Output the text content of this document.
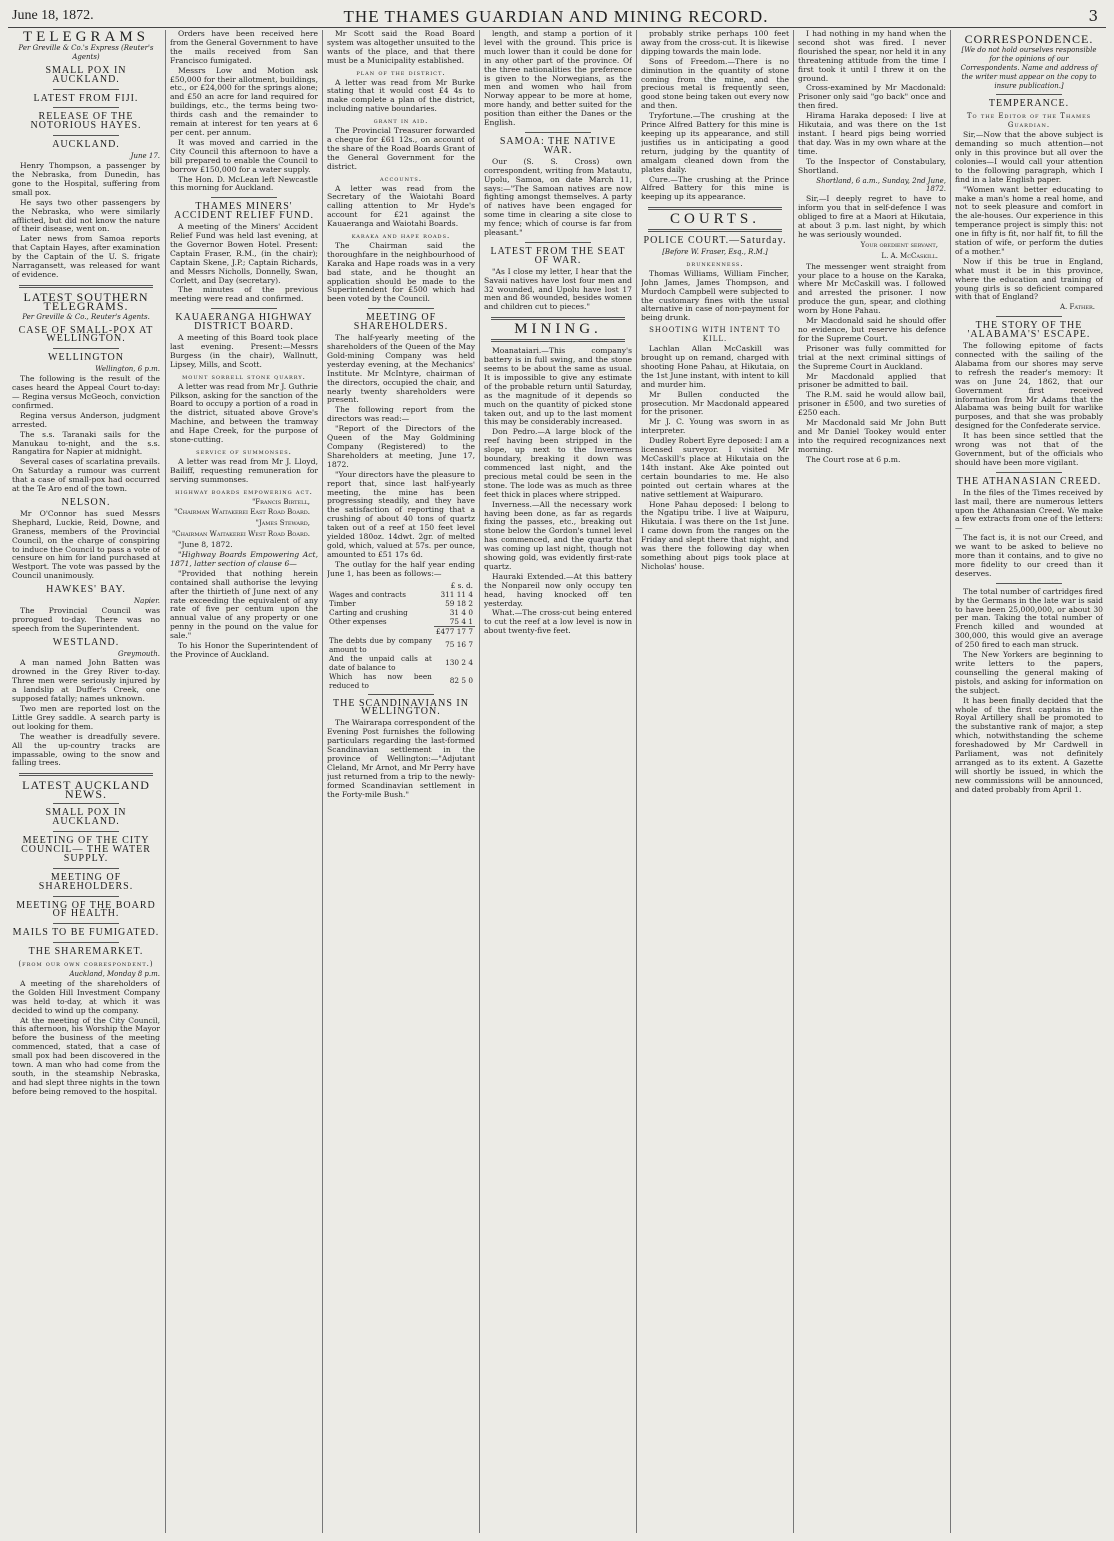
June 18, 1872.	THE THAMES GUARDIAN AND MINING RECORD.	3
TELEGRAMS
Per Greville & Co.'s Express (Reuter's Agents)
SMALL POX IN AUCKLAND.
LATEST FROM FIJI.
RELEASE OF THE NOTORIOUS HAYES.
AUCKLAND.
June 17.

Henry Thompson, a passenger by the Nebraska, from Dunedin, has gone to the Hospital, suffering from small pox.

He says two other passengers by the Nebraska, who were similarly afflicted, but did not know the nature of their disease, went on.

Later news from Samoa reports that Captain Hayes, after examination by the Captain of the U. S. frigate Narragansett, was released for want of evidence.

LATEST SOUTHERN TELEGRAMS.
Per Greville & Co., Reuter's Agents.
CASE OF SMALL-POX AT WELLINGTON.
WELLINGTON
Wellington, 6 p.m.

The following is the result of the cases heard the Appeal Court to-day:— Regina versus McGeoch, conviction confirmed.

Regina versus Anderson, judgment arrested.

The s.s. Taranaki sails for the Manukau to-night, and the s.s. Rangatira for Napier at midnight.

Several cases of scarlatina prevails. On Saturday a rumour was current that a case of small-pox had occurred at the Te Aro end of the town.

NELSON.

Mr O'Connor has sued Messrs Shephard, Luckie, Reid, Downe, and Graness, members of the Provincial Council, on the charge of conspiring to induce the Council to pass a vote of censure on him for land purchased at Westport. The vote was passed by the Council unanimously.

HAWKES' BAY.
Napier.

The Provincial Council was prorogued to-day. There was no speech from the Superintendent.

WESTLAND.
Greymouth.

A man named John Batten was drowned in the Grey River to-day. Three men were seriously injured by a landslip at Duffer's Creek, one supposed fatally; names unknown.

Two men are reported lost on the Little Grey saddle. A search party is out looking for them.

The weather is dreadfully severe. All the up-country tracks are impassable, owing to the snow and falling trees.

LATEST AUCKLAND NEWS.
SMALL POX IN AUCKLAND.
MEETING OF THE CITY COUNCIL— THE WATER SUPPLY.
MEETING OF SHAREHOLDERS.
MEETING OF THE BOARD OF HEALTH.
MAILS TO BE FUMIGATED.
THE SHAREMARKET.
(from our own correspondent.)
Auckland, Monday 8 p.m.

A meeting of the shareholders of the Golden Hill Investment Company was held to-day, at which it was decided to wind up the company.

At the meeting of the City Council, this afternoon, his Worship the Mayor before the business of the meeting commenced, stated, that a case of small pox had been discovered in the town. A man who had come from the south, in the steamship Nebraska, and had slept three nights in the town before being removed to the hospital.

Orders have been received here from the General Government to have the mails received from San Francisco fumigated.

Messrs Low and Motion ask £50,000 for their allotment, buildings, etc., or £24,000 for the springs alone; and £50 an acre for land required for buildings, etc., the terms being two-thirds cash and the remainder to remain at interest for ten years at 6 per cent. per annum.

It was moved and carried in the City Council this afternoon to have a bill prepared to enable the Council to borrow £150,000 for a water supply.

The Hon. D. McLean left Newcastle this morning for Auckland.

THAMES MINERS' ACCIDENT RELIEF FUND.

A meeting of the Miners' Accident Relief Fund was held last evening, at the Governor Bowen Hotel. Present: Captain Fraser, R.M., (in the chair); Captain Skene, J.P.; Captain Richards, and Messrs Nicholls, Donnelly, Swan, Corlett, and Day (secretary).

The minutes of the previous meeting were read and confirmed.

KAUAERANGA HIGHWAY DISTRICT BOARD.

A meeting of this Board took place last evening. Present:—Messrs Burgess (in the chair), Wallnutt, Lipsey, Mills, and Scott.

mount sorrell stone quarry.

A letter was read from Mr J. Guthrie Pilkson, asking for the sanction of the Board to occupy a portion of a road in the district, situated above Grove's Machine, and between the tramway and Hape Creek, for the purpose of stone-cutting.

service of summonses.

A letter was read from Mr J. Lloyd, Bailiff, requesting remuneration for serving summonses.

highway boards empowering act.
"Francis Birtell,
"Chairman Waitakerei East Road Board.
"James Steward,
"Chairman Waitakerei West Road Board.

"June 8, 1872.

"Highway Boards Empowering Act, 1871, latter section of clause 6—

"Provided that nothing herein contained shall authorise the levying after the thirtieth of June next of any rate exceeding the equivalent of any rate of five per centum upon the annual value of any property or one penny in the pound on the value for sale."

To his Honor the Superintendent of the Province of Auckland.

Mr Scott said the Road Board system was altogether unsuited to the wants of the place, and that there must be a Municipality established.

plan of the district.

A letter was read from Mr Burke stating that it would cost £4 4s to make complete a plan of the district, including native boundaries.

grant in aid.

The Provincial Treasurer forwarded a cheque for £61 12s., on account of the share of the Road Boards Grant of the General Government for the district.

accounts.

A letter was read from the Secretary of the Waiotahi Board calling attention to Mr Hyde's account for £21 against the Kauaeranga and Waiotahi Boards.

karaka and hape roads.

The Chairman said the thoroughfare in the neighbourhood of Karaka and Hape roads was in a very bad state, and he thought an application should be made to the Superintendent for £500 which had been voted by the Council.

MEETING OF SHAREHOLDERS.

The half-yearly meeting of the shareholders of the Queen of the May Gold-mining Company was held yesterday evening, at the Mechanics' Institute. Mr McIntyre, chairman of the directors, occupied the chair, and nearly twenty shareholders were present.

The following report from the directors was read:—

"Report of the Directors of the Queen of the May Goldmining Company (Registered) to the Shareholders at meeting, June 17, 1872.

"Your directors have the pleasure to report that, since last half-yearly meeting, the mine has been progressing steadily, and they have the satisfaction of reporting that a crushing of about 40 tons of quartz taken out of a reef at 150 feet level yielded 180oz. 14dwt. 2gr. of melted gold, which, valued at 57s. per ounce, amounted to £51 17s 6d.

The outlay for the half year ending June 1, has been as follows:—

	£ s. d.
Wages and contracts	311 11 4
Timber	59 18 2
Carting and crushing	31 4 0
Other expenses	75 4 1
	£477 17 7
The debts due by company amount to	75 16 7
And the unpaid calls at date of balance to	130 2 4
Which has now been reduced to	82 5 0
THE SCANDINAVIANS IN WELLINGTON.

The Wairarapa correspondent of the Evening Post furnishes the following particulars regarding the last-formed Scandinavian settlement in the province of Wellington:—"Adjutant Cleland, Mr Arnot, and Mr Perry have just returned from a trip to the newly-formed Scandinavian settlement in the Forty-mile Bush."

length, and stamp a portion of it level with the ground. This price is much lower than it could be done for in any other part of the province. Of the three nationalities the preference is given to the Norwegians, as the men and women who hail from Norway appear to be more at home, more handy, and better suited for the position than either the Danes or the English.

SAMOA: THE NATIVE WAR.

Our (S. S. Cross) own correspondent, writing from Matautu, Upolu, Samoa, on date March 11, says:—"The Samoan natives are now fighting amongst themselves. A party of natives have been engaged for some time in clearing a site close to my fence; which of course is far from pleasant."

LATEST FROM THE SEAT OF WAR.

"As I close my letter, I hear that the Savaii natives have lost four men and 32 wounded, and Upolu have lost 17 men and 86 wounded, besides women and children cut to pieces."

MINING.

Moanataiari.—This company's battery is in full swing, and the stone seems to be about the same as usual. It is impossible to give any estimate of the probable return until Saturday, as the magnitude of it depends so much on the quantity of picked stone taken out, and up to the last moment this may be considerably increased.

Don Pedro.—A large block of the reef having been stripped in the slope, up next to the Inverness boundary, breaking it down was commenced last night, and the precious metal could be seen in the stone. The lode was as much as three feet thick in places where stripped.

Inverness.—All the necessary work having been done, as far as regards fixing the passes, etc., breaking out stone below the Gordon's tunnel level has commenced, and the quartz that was coming up last night, though not showing gold, was evidently first-rate quartz.

Hauraki Extended.—At this battery the Nonpareil now only occupy ten head, having knocked off ten yesterday.

What.—The cross-cut being entered to cut the reef at a low level is now in about twenty-five feet.

probably strike perhaps 100 feet away from the cross-cut. It is likewise dipping towards the main lode.

Sons of Freedom.—There is no diminution in the quantity of stone coming from the mine, and the precious metal is frequently seen, good stone being taken out every now and then.

Tryfortune.—The crushing at the Prince Alfred Battery for this mine is keeping up its appearance, and still justifies us in anticipating a good return, judging by the quantity of amalgam cleaned down from the plates daily.

Cure.—The crushing at the Prince Alfred Battery for this mine is keeping up its appearance.

COURTS.
POLICE COURT.—Saturday.
[Before W. Fraser, Esq., R.M.]
drunkenness.

Thomas Williams, William Fincher, John James, James Thompson, and Murdoch Campbell were subjected to the customary fines with the usual alternative in case of non-payment for being drunk.

SHOOTING WITH INTENT TO KILL.

Lachlan Allan McCaskill was brought up on remand, charged with shooting Hone Pahau, at Hikutaia, on the 1st June instant, with intent to kill and murder him.

Mr Bullen conducted the prosecution. Mr Macdonald appeared for the prisoner.

Mr J. C. Young was sworn in as interpreter.

Dudley Robert Eyre deposed: I am a licensed surveyor. I visited Mr McCaskill's place at Hikutaia on the 14th instant. Ake Ake pointed out certain boundaries to me. He also pointed out certain whares at the native settlement at Waipuraro.

Hone Pahau deposed: I belong to the Ngatipu tribe. I live at Waipuru, Hikutaia. I was there on the 1st June. I came down from the ranges on the Friday and slept there that night, and was there the following day when something about pigs took place at Nicholas' house.

I had nothing in my hand when the second shot was fired. I never flourished the spear, nor held it in any threatening attitude from the time I first took it until I threw it on the ground.

Cross-examined by Mr Macdonald: Prisoner only said "go back" once and then fired.

Hirama Haraka deposed: I live at Hikutaia, and was there on the 1st instant. I heard pigs being worried that day. Was in my own whare at the time.

To the Inspector of Constabulary, Shortland.

Shortland, 6 a.m., Sunday, 2nd June, 1872.

Sir,—I deeply regret to have to inform you that in self-defence I was obliged to fire at a Maori at Hikutaia, at about 3 p.m. last night, by which he was seriously wounded.

Your obedient servant,
L. A. McCaskill.

The messenger went straight from your place to a house on the Karaka, where Mr McCaskill was. I followed and arrested the prisoner. I now produce the gun, spear, and clothing worn by Hone Pahau.

Mr Macdonald said he should offer no evidence, but reserve his defence for the Supreme Court.

Prisoner was fully committed for trial at the next criminal sittings of the Supreme Court in Auckland.

Mr Macdonald applied that prisoner be admitted to bail.

The R.M. said he would allow bail, prisoner in £500, and two sureties of £250 each.

Mr Macdonald said Mr John Butt and Mr Daniel Tookey would enter into the required recognizances next morning.

The Court rose at 6 p.m.

CORRESPONDENCE.
[We do not hold ourselves responsible for the opinions of our Correspondents. Name and address of the writer must appear on the copy to insure publication.]
TEMPERANCE.
To the Editor of the Thames Guardian.

Sir,—Now that the above subject is demanding so much attention—not only in this province but all over the colonies—I would call your attention to the following paragraph, which I find in a late English paper.

"Women want better educating to make a man's home a real home, and not to seek pleasure and comfort in the ale-houses. Our experience in this temperance project is simply this: not one in fifty is fit, nor half fit, to fill the station of wife, or perform the duties of a mother."

Now if this be true in England, what must it be in this province, where the education and training of young girls is so deficient compared with that of England?

A. Father.
THE STORY OF THE 'ALABAMA'S' ESCAPE.

The following epitome of facts connected with the sailing of the Alabama from our shores may serve to refresh the reader's memory: It was on June 24, 1862, that our Government first received information from Mr Adams that the Alabama was being built for warlike purposes, and that she was probably designed for the Confederate service.

It has been since settled that the wrong was not that of the Government, but of the officials who should have been more vigilant.

THE ATHANASIAN CREED.

In the files of the Times received by last mail, there are numerous letters upon the Athanasian Creed. We make a few extracts from one of the letters:—

The fact is, it is not our Creed, and we want to be asked to believe no more than it contains, and to give no more fidelity to our creed than it deserves.

The total number of cartridges fired by the Germans in the late war is said to have been 25,000,000, or about 30 per man. Taking the total number of French killed and wounded at 300,000, this would give an average of 250 fired to each man struck.

The New Yorkers are beginning to write letters to the papers, counselling the general making of pistols, and asking for information on the subject.

It has been finally decided that the whole of the first captains in the Royal Artillery shall be promoted to the substantive rank of major, a step which, notwithstanding the scheme foreshadowed by Mr Cardwell in Parliament, was not definitely arranged as to its extent. A Gazette will shortly be issued, in which the new commissions will be announced, and dated probably from April 1.
